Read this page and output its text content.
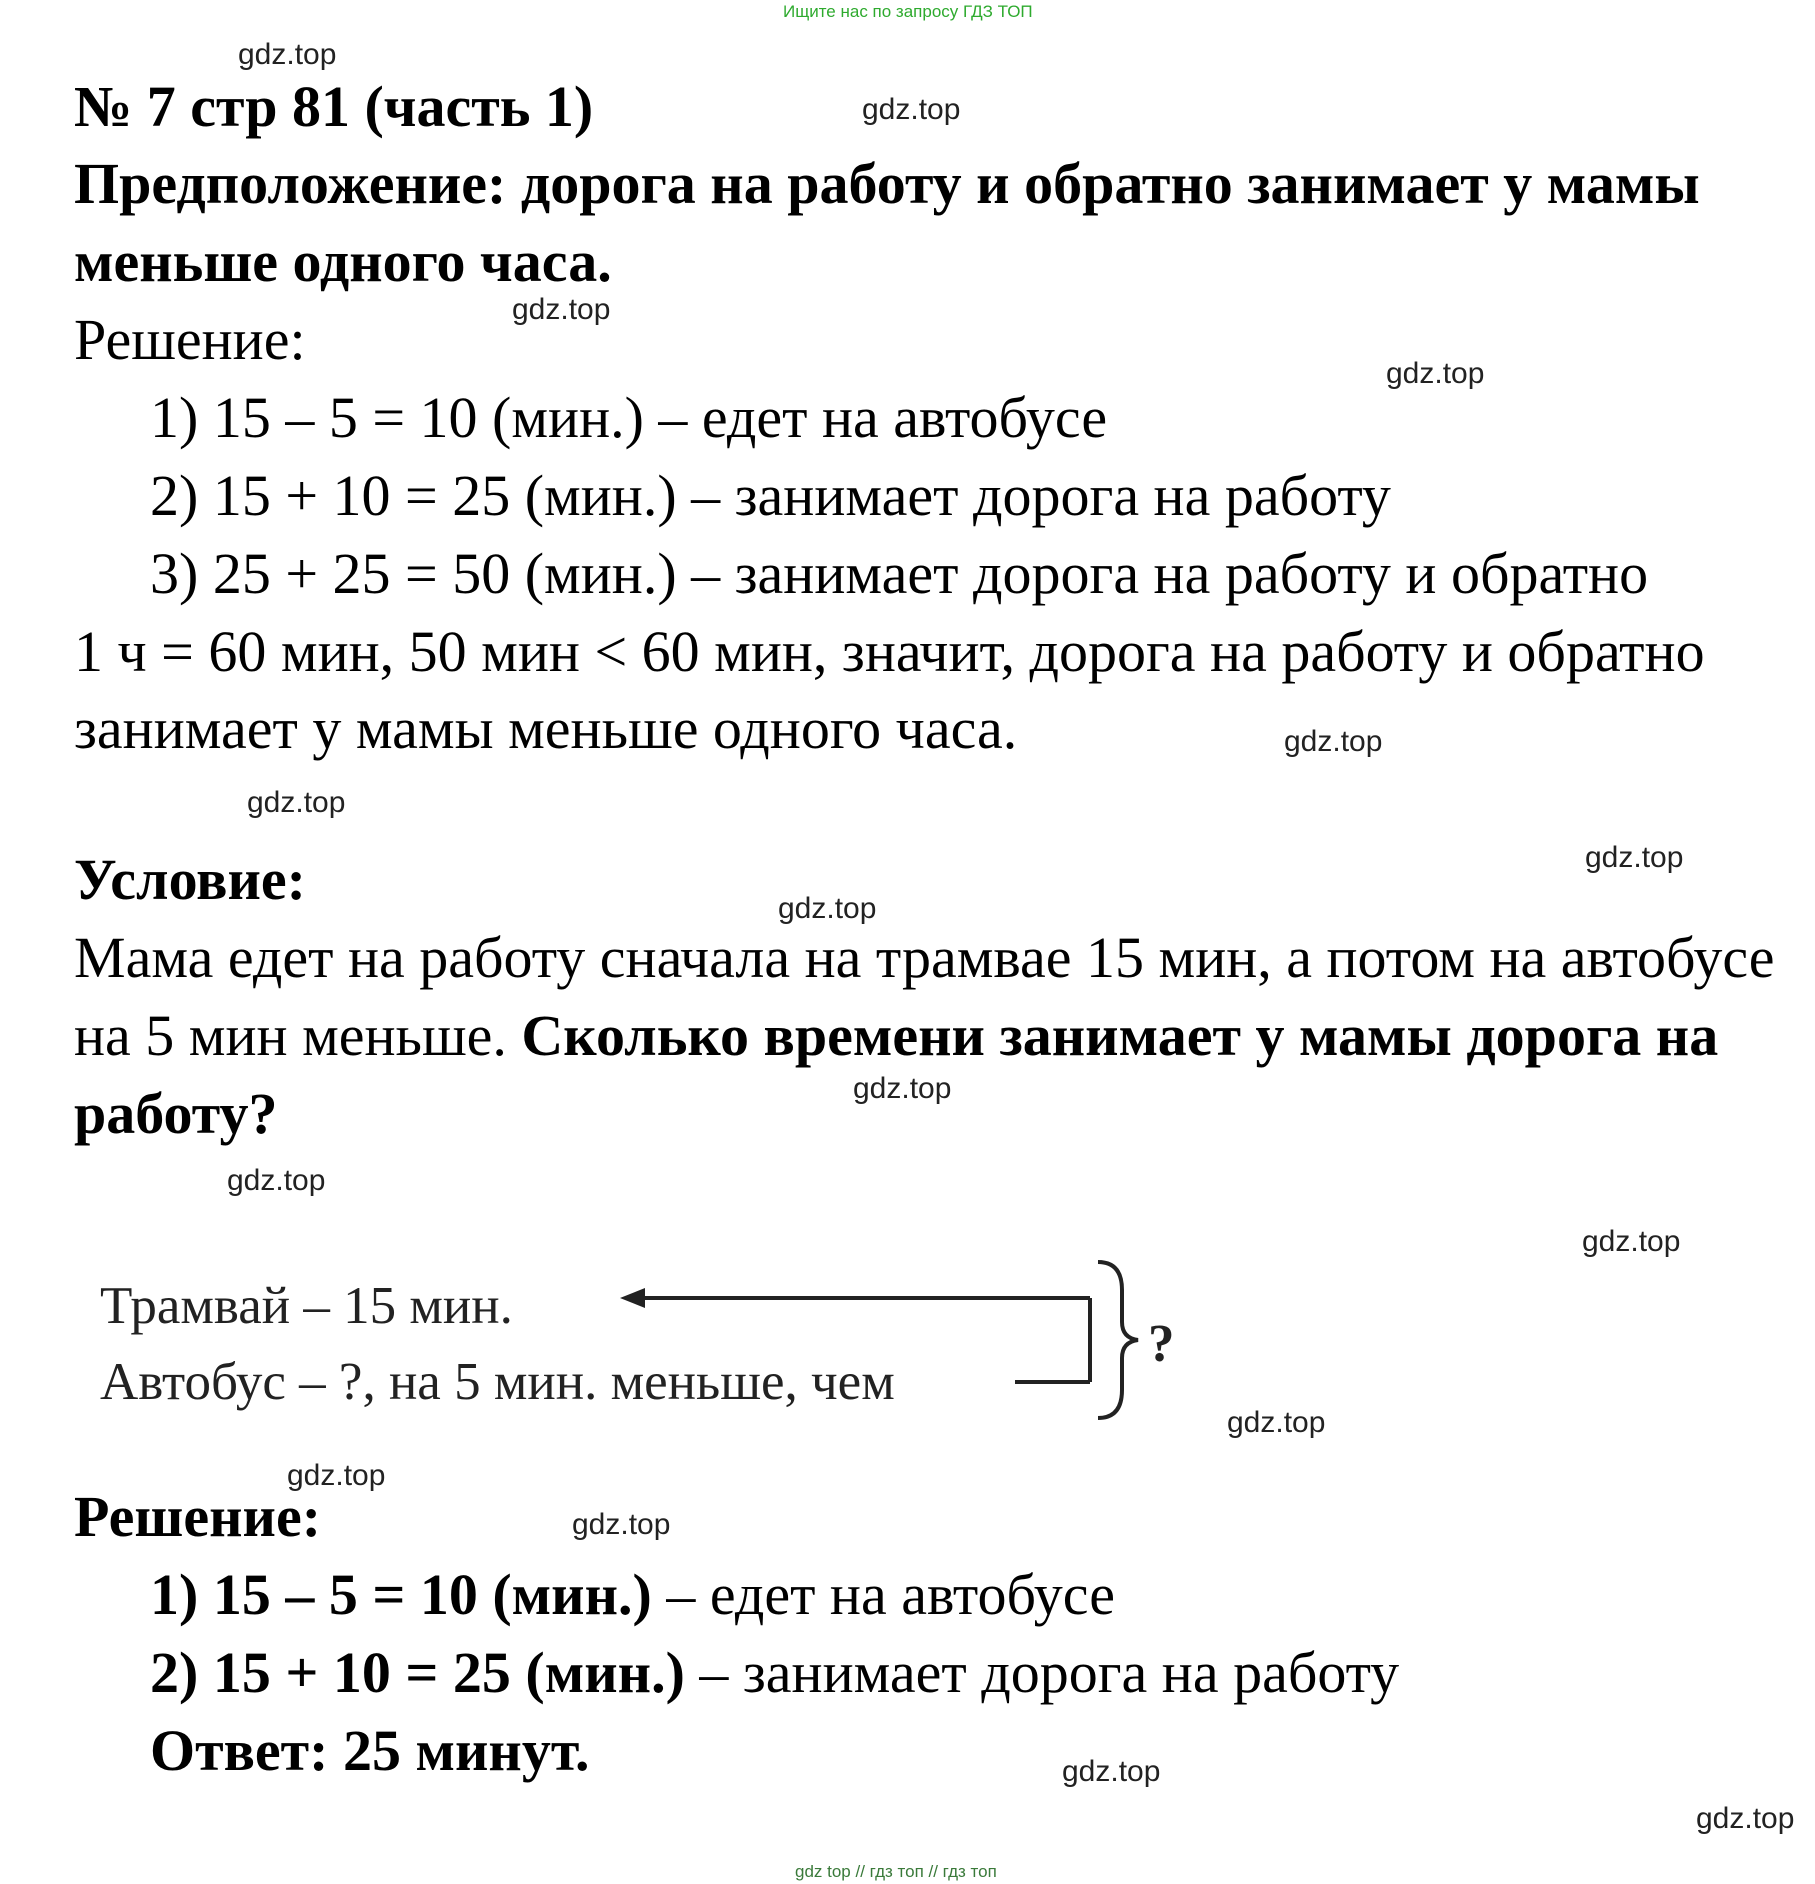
Ищите нас по запросу ГДЗ ТОП
№ 7 стр 81 (часть 1)
Предположение: дорога на работу и обратно занимает у мамы
меньше одного часа.
Решение:
1) 15 – 5 = 10 (мин.) – едет на автобусе
2) 15 + 10 = 25 (мин.) – занимает дорога на работу
3) 25 + 25 = 50 (мин.) – занимает дорога на работу и обратно
1 ч = 60 мин, 50 мин < 60 мин, значит, дорога на работу и обратно
занимает у мамы меньше одного часа.
Условие:
Мама едет на работу сначала на трамвае 15 мин, а потом на автобусе
на 5 мин меньше. Сколько времени занимает у мамы дорога на
работу?
Трамвай – 15 мин.
Автобус – ?, на 5 мин. меньше, чем
?
Решение:
1) 15 – 5 = 10 (мин.) – едет на автобусе
2) 15 + 10 = 25 (мин.) – занимает дорога на работу
Ответ: 25 минут.
gdz.top
gdz.top
gdz.top
gdz.top
gdz.top
gdz.top
gdz.top
gdz.top
gdz.top
gdz.top
gdz.top
gdz.top
gdz.top
gdz.top
gdz.top
gdz.top
gdz top // гдз топ // гдз топ
